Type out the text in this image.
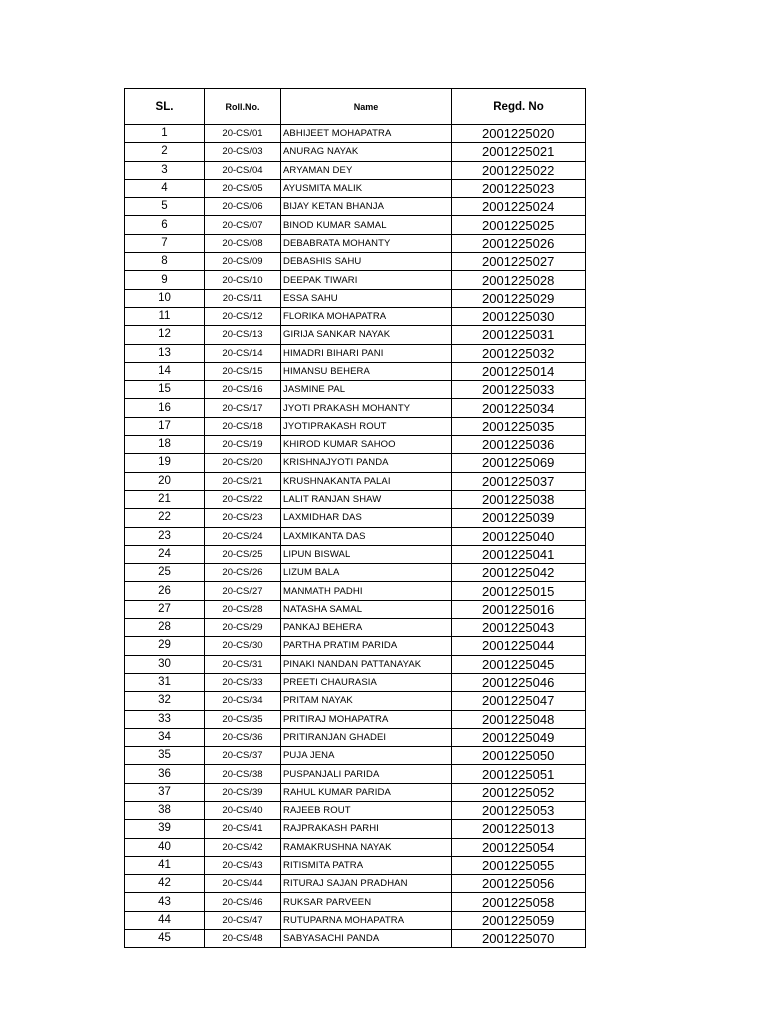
SL.	Roll.No.	Name	Regd. No
1	20-CS/01	ABHIJEET MOHAPATRA	2001225020
2	20-CS/03	ANURAG NAYAK	2001225021
3	20-CS/04	ARYAMAN DEY	2001225022
4	20-CS/05	AYUSMITA MALIK	2001225023
5	20-CS/06	BIJAY KETAN BHANJA	2001225024
6	20-CS/07	BINOD KUMAR SAMAL	2001225025
7	20-CS/08	DEBABRATA MOHANTY	2001225026
8	20-CS/09	DEBASHIS SAHU	2001225027
9	20-CS/10	DEEPAK TIWARI	2001225028
10	20-CS/11	ESSA SAHU	2001225029
11	20-CS/12	FLORIKA MOHAPATRA	2001225030
12	20-CS/13	GIRIJA SANKAR NAYAK	2001225031
13	20-CS/14	HIMADRI BIHARI PANI	2001225032
14	20-CS/15	HIMANSU BEHERA	2001225014
15	20-CS/16	JASMINE PAL	2001225033
16	20-CS/17	JYOTI PRAKASH MOHANTY	2001225034
17	20-CS/18	JYOTIPRAKASH ROUT	2001225035
18	20-CS/19	KHIROD KUMAR SAHOO	2001225036
19	20-CS/20	KRISHNAJYOTI PANDA	2001225069
20	20-CS/21	KRUSHNAKANTA PALAI	2001225037
21	20-CS/22	LALIT RANJAN SHAW	2001225038
22	20-CS/23	LAXMIDHAR DAS	2001225039
23	20-CS/24	LAXMIKANTA DAS	2001225040
24	20-CS/25	LIPUN BISWAL	2001225041
25	20-CS/26	LIZUM BALA	2001225042
26	20-CS/27	MANMATH PADHI	2001225015
27	20-CS/28	NATASHA SAMAL	2001225016
28	20-CS/29	PANKAJ BEHERA	2001225043
29	20-CS/30	PARTHA PRATIM PARIDA	2001225044
30	20-CS/31	PINAKI NANDAN PATTANAYAK	2001225045
31	20-CS/33	PREETI CHAURASIA	2001225046
32	20-CS/34	PRITAM NAYAK	2001225047
33	20-CS/35	PRITIRAJ MOHAPATRA	2001225048
34	20-CS/36	PRITIRANJAN GHADEI	2001225049
35	20-CS/37	PUJA JENA	2001225050
36	20-CS/38	PUSPANJALI PARIDA	2001225051
37	20-CS/39	RAHUL KUMAR PARIDA	2001225052
38	20-CS/40	RAJEEB ROUT	2001225053
39	20-CS/41	RAJPRAKASH PARHI	2001225013
40	20-CS/42	RAMAKRUSHNA NAYAK	2001225054
41	20-CS/43	RITISMITA PATRA	2001225055
42	20-CS/44	RITURAJ SAJAN PRADHAN	2001225056
43	20-CS/46	RUKSAR PARVEEN	2001225058
44	20-CS/47	RUTUPARNA MOHAPATRA	2001225059
45	20-CS/48	SABYASACHI PANDA	2001225070
